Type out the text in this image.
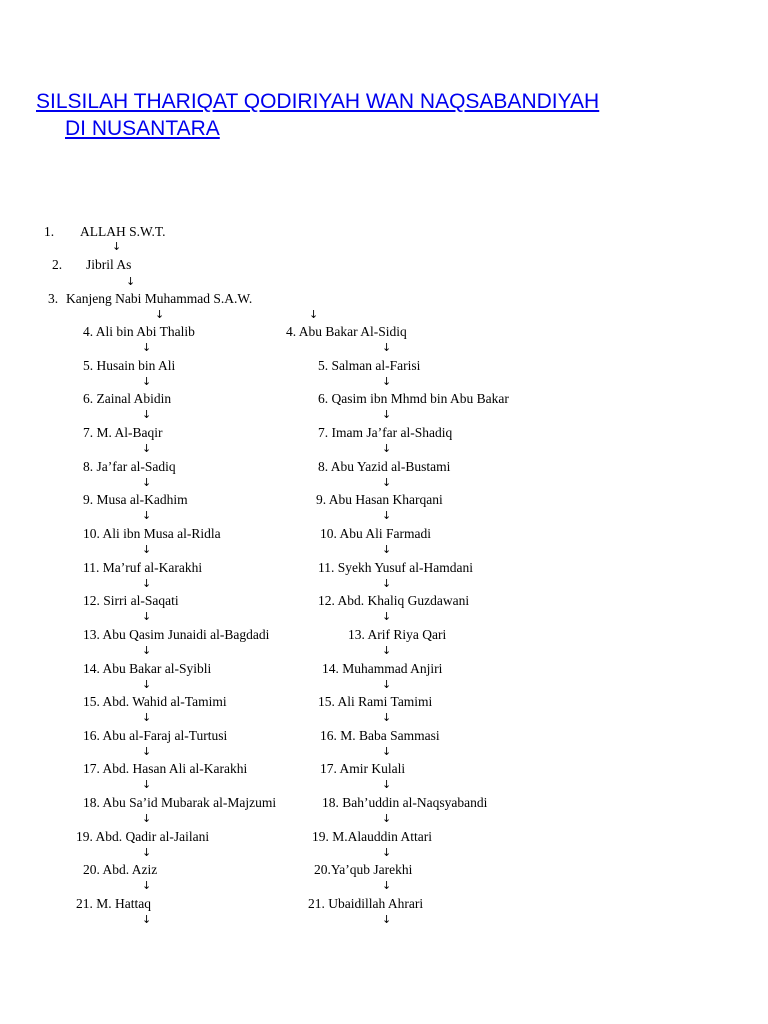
SILSILAH THARIQAT QODIRIYAH WAN NAQSABANDIYAH
DI NUSANTARA
1. ALLAH S.W.T.
↓
2. Jibril As
↓
3. Kanjeng Nabi Muhammad S.A.W.
↓	↓
4. Ali bin Abi Thalib
↓
5. Husain bin Ali
↓
6. Zainal Abidin
↓
7. M. Al-Baqir
↓
8. Ja’far al-Sadiq
↓
9. Musa al-Kadhim
↓
10. Ali ibn Musa al-Ridla
↓
11. Ma’ruf al-Karakhi
↓
12. Sirri al-Saqati
↓
13. Abu Qasim Junaidi al-Bagdadi
↓
14. Abu Bakar al-Syibli
↓
15. Abd. Wahid al-Tamimi
↓
16. Abu al-Faraj al-Turtusi
↓
17. Abd. Hasan Ali al-Karakhi
↓
18. Abu Sa’id Mubarak al-Majzumi
↓
19. Abd. Qadir al-Jailani
↓
20. Abd. Aziz
↓
21. M. Hattaq
↓
4. Abu Bakar Al-Sidiq
↓
5. Salman al-Farisi
↓
6. Qasim ibn Mhmd bin Abu Bakar
↓
7. Imam Ja’far al-Shadiq
↓
8. Abu Yazid al-Bustami
↓
9. Abu Hasan Kharqani
↓
10. Abu Ali Farmadi
↓
11. Syekh Yusuf al-Hamdani
↓
12. Abd. Khaliq Guzdawani
↓
13. Arif Riya Qari
↓
14. Muhammad Anjiri
↓
15. Ali Rami Tamimi
↓
16. M. Baba Sammasi
↓
17. Amir Kulali
↓
18. Bah’uddin al-Naqsyabandi
↓
19. M.Alauddin Attari
↓
20.Ya’qub Jarekhi
↓
21. Ubaidillah Ahrari
↓
